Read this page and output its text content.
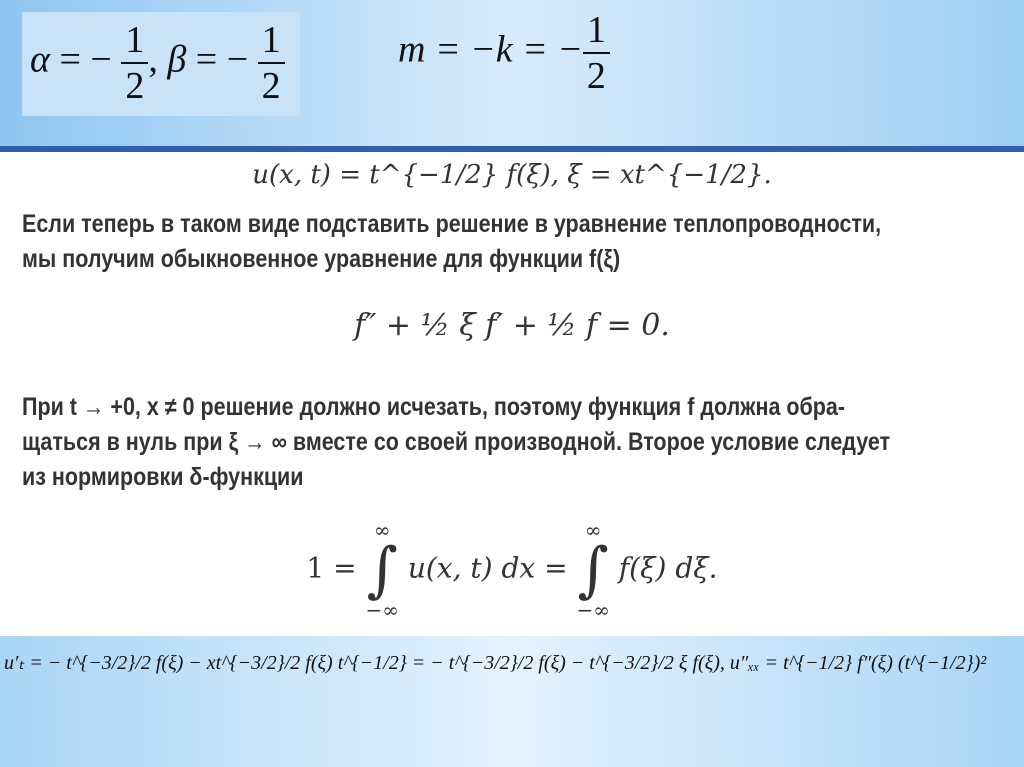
α = − $\frac{1}{2}$ , β = − $\frac{1}{2}$	m = −k = − $\frac{1}{2}$
u(x, t) = t^{−1/2} f(ξ), ξ = xt^{−1/2}.
Если теперь в таком виде подставить решение в уравнение теплопроводности,
мы получим обыкновенное уравнение для функции f(ξ)
f″ + ½ ξ f′ + ½ f = 0.
При t → +0, x ≠ 0 решение должно исчезать, поэтому функция f должна обра-
щаться в нуль при ξ → ∞ вместе со своей производной. Второе условие следует
из нормировки δ-функции
1 =
∞
∫
−∞
u(x, t) dx =
∞
∫
−∞
f(ξ) dξ.
u′ₜ = − t^{−3/2}/2 f(ξ) − xt^{−3/2}/2 f(ξ) t^{−1/2} = − t^{−3/2}/2 f(ξ) − t^{−3/2}/2 ξ f(ξ), u″ₓₓ = t^{−1/2} f″(ξ) (t^{−1/2})²
